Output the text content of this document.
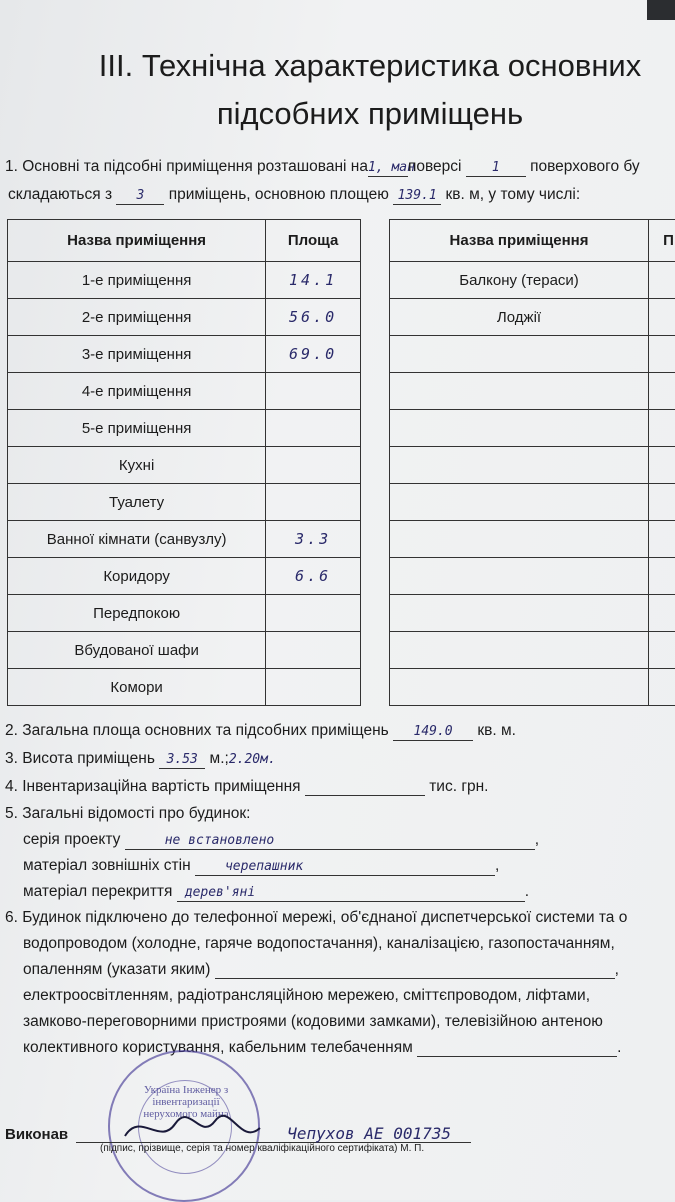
III. Технічна характеристика основних
підсобних приміщень
1. Основні та підсобні приміщення розташовані на1, манповерсі 1 поверхового бу
складаються з 3 приміщень, основною площею 139.1 кв. м, у тому числі:
Назва приміщення	Площа
1-е приміщення	14.1
2-е приміщення	56.0
3-е приміщення	69.0
4-е приміщення	
5-е приміщення	
Кухні	
Туалету	
Ванної кімнати (санвузлу)	3.3
Коридору	6.6
Передпокою	
Вбудованої шафи	
Комори	
Назва приміщення	П
Балкону (тераси)	
Лоджії	

2. Загальна площа основних та підсобних приміщень 149.0 кв. м.
3. Висота приміщень 3.53 м.;2.20м.
4. Інвентаризаційна вартість приміщення	тис. грн.
5. Загальні відомості про будинок:
серія проекту	не встановлено	,
матеріал зовнішніх стін	черепашник	,
матеріал перекриття дерев'яні	.
6. Будинок підключено до телефонної мережі, об'єднаної диспетчерської системи та о
водопроводом (холодне, гаряче водопостачання), каналізацією, газопостачанням,
опаленням (указати яким)	,
електроосвітленням, радіотрансляційною мережею, сміттєпроводом, ліфтами,
замково-переговорними пристроями (кодовими замками), телевізійною антеною
колективного користування, кабельним телебаченням	.
Україна Інженер з інвентаризації нерухомого майна
Виконав	Чепухов АЕ 001735
(підпис, прізвище, серія та номер кваліфікаційного сертифіката) М. П.
